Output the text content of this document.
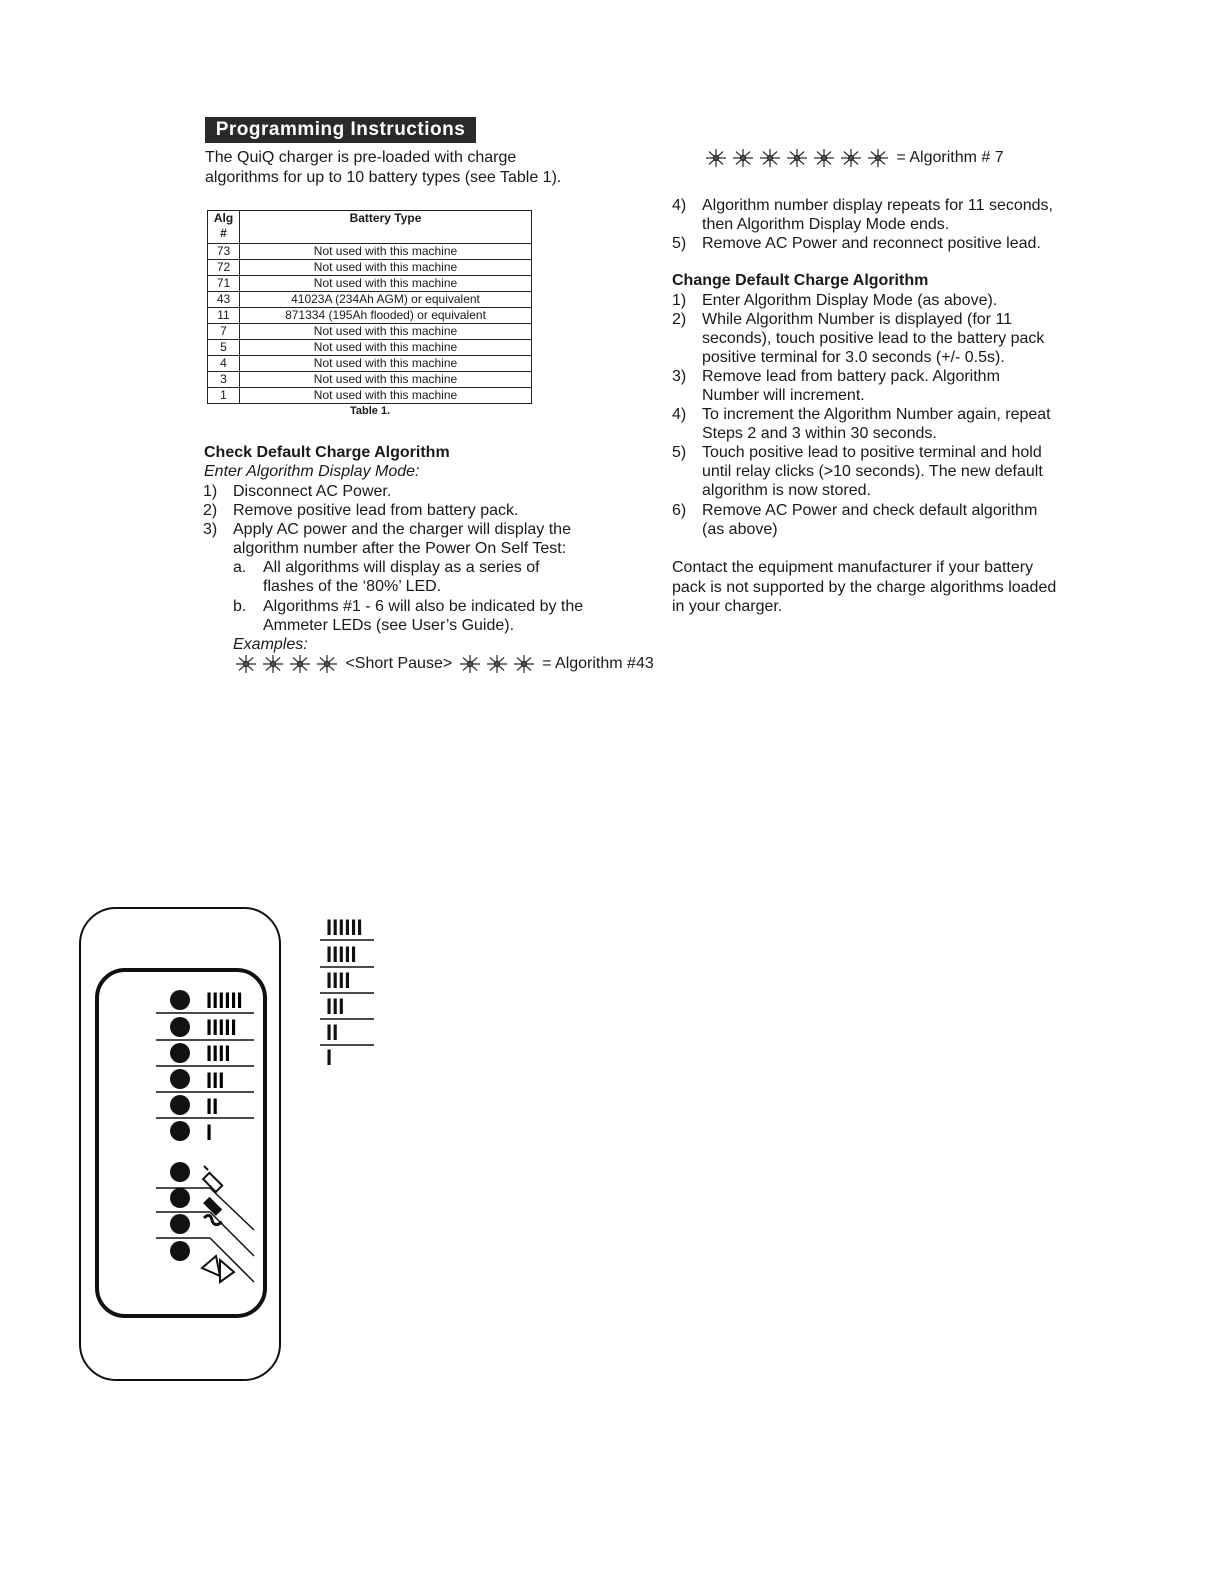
Programming Instructions
The QuiQ charger is pre-loaded with charge
algorithms for up to 10 battery types (see Table 1).
Alg
#	Battery Type
73	Not used with this machine
72	Not used with this machine
71	Not used with this machine
43	41023A (234Ah AGM) or equivalent
11	871334 (195Ah flooded) or equivalent
7	Not used with this machine
5	Not used with this machine
4	Not used with this machine
3	Not used with this machine
1	Not used with this machine
Table 1.
Check Default Charge Algorithm
Enter Algorithm Display Mode:
1) Disconnect AC Power.
2) Remove positive lead from battery pack.
3) Apply AC power and the charger will display the
algorithm number after the Power On Self Test:
a. All algorithms will display as a series of
flashes of the ‘80%’ LED.
b. Algorithms #1 - 6 will also be indicated by the
Ammeter LEDs (see User’s Guide).
Examples:
<Short Pause>	= Algorithm #43
= Algorithm # 7
4) Algorithm number display repeats for 11 seconds,
then Algorithm Display Mode ends.
5) Remove AC Power and reconnect positive lead.
Change Default Charge Algorithm
1) Enter Algorithm Display Mode (as above).
2) While Algorithm Number is displayed (for 11
seconds), touch positive lead to the battery pack
positive terminal for 3.0 seconds (+/- 0.5s).
3) Remove lead from battery pack. Algorithm
Number will increment.
4) To increment the Algorithm Number again, repeat
Steps 2 and 3 within 30 seconds.
5) Touch positive lead to positive terminal and hold
until relay clicks (>10 seconds). The new default
algorithm is now stored.
6) Remove AC Power and check default algorithm
(as above)
Contact the equipment manufacturer if your battery
pack is not supported by the charge algorithms loaded
in your charger.
IIIIII
IIIII
IIII
III
II
I
IIIIII
IIIII
IIII
III
II
I
